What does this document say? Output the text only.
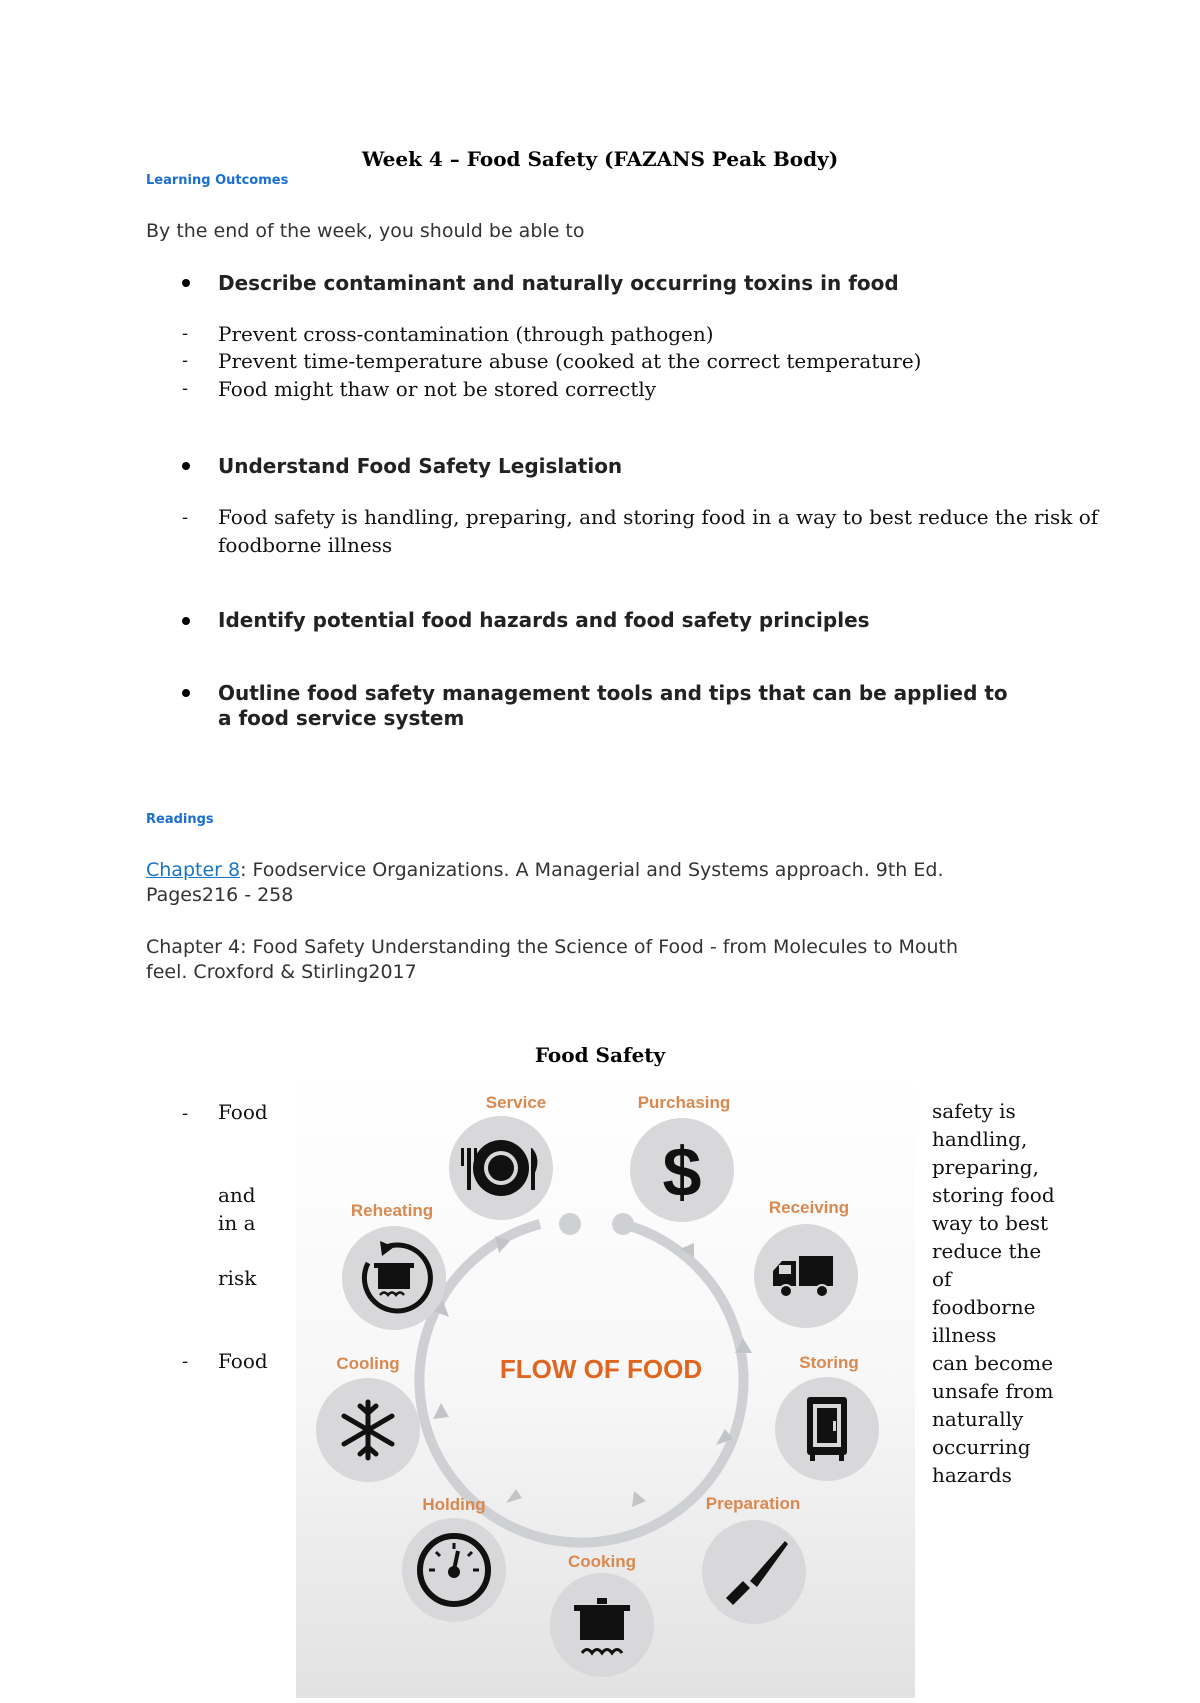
Week 4 – Food Safety (FAZANS Peak Body)
Learning Outcomes
By the end of the week, you should be able to
Describe contaminant and naturally occurring toxins in food
- Prevent cross-contamination (through pathogen)
- Prevent time-temperature abuse (cooked at the correct temperature)
- Food might thaw or not be stored correctly
Understand Food Safety Legislation
- Food safety is handling, preparing, and storing food in a way to best reduce the risk of
foodborne illness
Identify potential food hazards and food safety principles
Outline food safety management tools and tips that can be applied to
a food service system
Readings
Chapter 8: Foodservice Organizations. A Managerial and Systems approach. 9th Ed.
Pages216 - 258
Chapter 4: Food Safety Understanding the Science of Food - from Molecules to Mouth
feel. Croxford & Stirling2017
Food Safety
- Food
and
in a
risk
- Food
safety is
handling,
preparing,
storing food
way to best
reduce the
of
foodborne
illness
can become
unsafe from
naturally
occurring
hazards
FLOW OF FOOD
Service	Purchasing
$
Reheating	Receiving
Cooling	Storing
Holding	Preparation
Cooking
